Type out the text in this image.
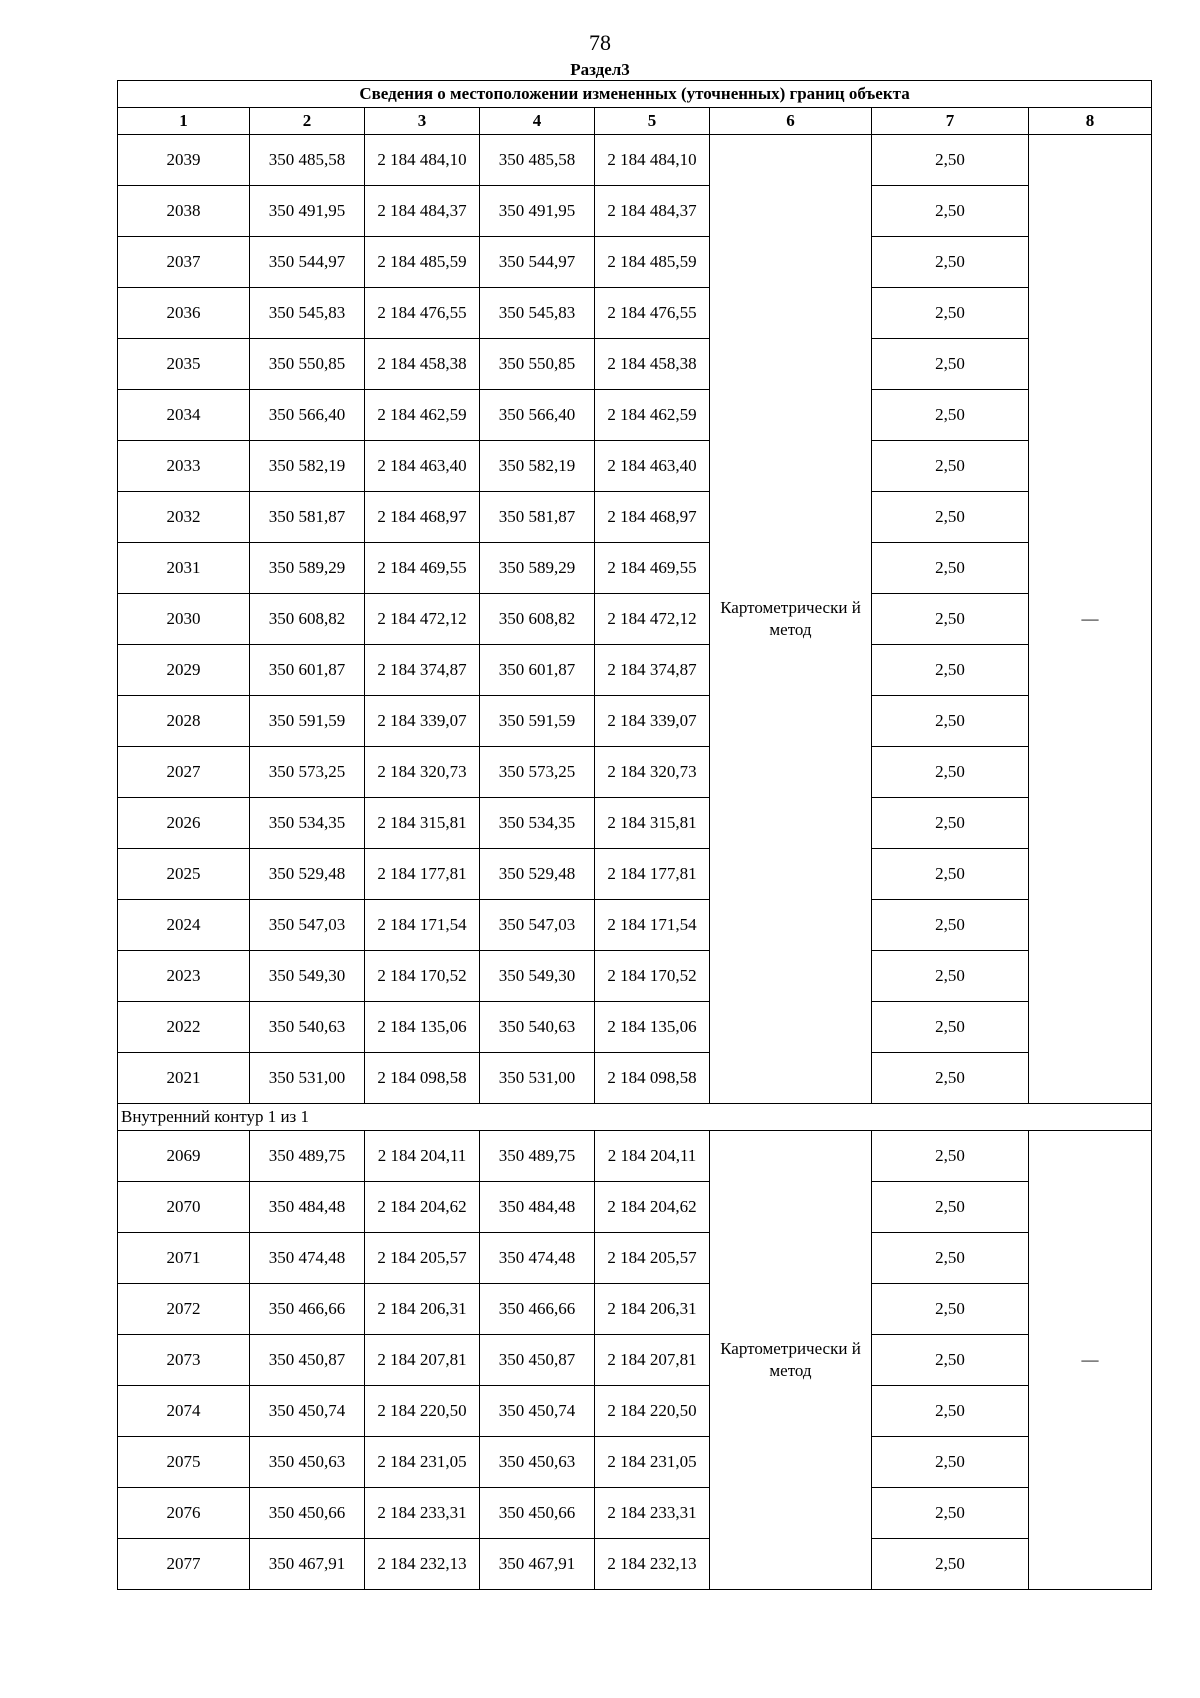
78
Раздел3
Сведения о местоположении измененных (уточненных) границ объекта							
1	2	3	4	5	6	7	8
2039	350 485,58	2 184 484,10	350 485,58	2 184 484,10	Картометрически й метод	2,50	—
2038	350 491,95	2 184 484,37	350 491,95	2 184 484,37		2,50	
2037	350 544,97	2 184 485,59	350 544,97	2 184 485,59		2,50	
2036	350 545,83	2 184 476,55	350 545,83	2 184 476,55		2,50	
2035	350 550,85	2 184 458,38	350 550,85	2 184 458,38		2,50	
2034	350 566,40	2 184 462,59	350 566,40	2 184 462,59		2,50	
2033	350 582,19	2 184 463,40	350 582,19	2 184 463,40		2,50	
2032	350 581,87	2 184 468,97	350 581,87	2 184 468,97		2,50	
2031	350 589,29	2 184 469,55	350 589,29	2 184 469,55		2,50	
2030	350 608,82	2 184 472,12	350 608,82	2 184 472,12		2,50	
2029	350 601,87	2 184 374,87	350 601,87	2 184 374,87		2,50	
2028	350 591,59	2 184 339,07	350 591,59	2 184 339,07		2,50	
2027	350 573,25	2 184 320,73	350 573,25	2 184 320,73		2,50	
2026	350 534,35	2 184 315,81	350 534,35	2 184 315,81		2,50	
2025	350 529,48	2 184 177,81	350 529,48	2 184 177,81		2,50	
2024	350 547,03	2 184 171,54	350 547,03	2 184 171,54		2,50	
2023	350 549,30	2 184 170,52	350 549,30	2 184 170,52		2,50	
2022	350 540,63	2 184 135,06	350 540,63	2 184 135,06		2,50	
2021	350 531,00	2 184 098,58	350 531,00	2 184 098,58		2,50	
Внутренний контур 1 из 1							
2069	350 489,75	2 184 204,11	350 489,75	2 184 204,11	Картометрически й метод	2,50	—
2070	350 484,48	2 184 204,62	350 484,48	2 184 204,62		2,50	
2071	350 474,48	2 184 205,57	350 474,48	2 184 205,57		2,50	
2072	350 466,66	2 184 206,31	350 466,66	2 184 206,31		2,50	
2073	350 450,87	2 184 207,81	350 450,87	2 184 207,81		2,50	
2074	350 450,74	2 184 220,50	350 450,74	2 184 220,50		2,50	
2075	350 450,63	2 184 231,05	350 450,63	2 184 231,05		2,50	
2076	350 450,66	2 184 233,31	350 450,66	2 184 233,31		2,50	
2077	350 467,91	2 184 232,13	350 467,91	2 184 232,13		2,50	
